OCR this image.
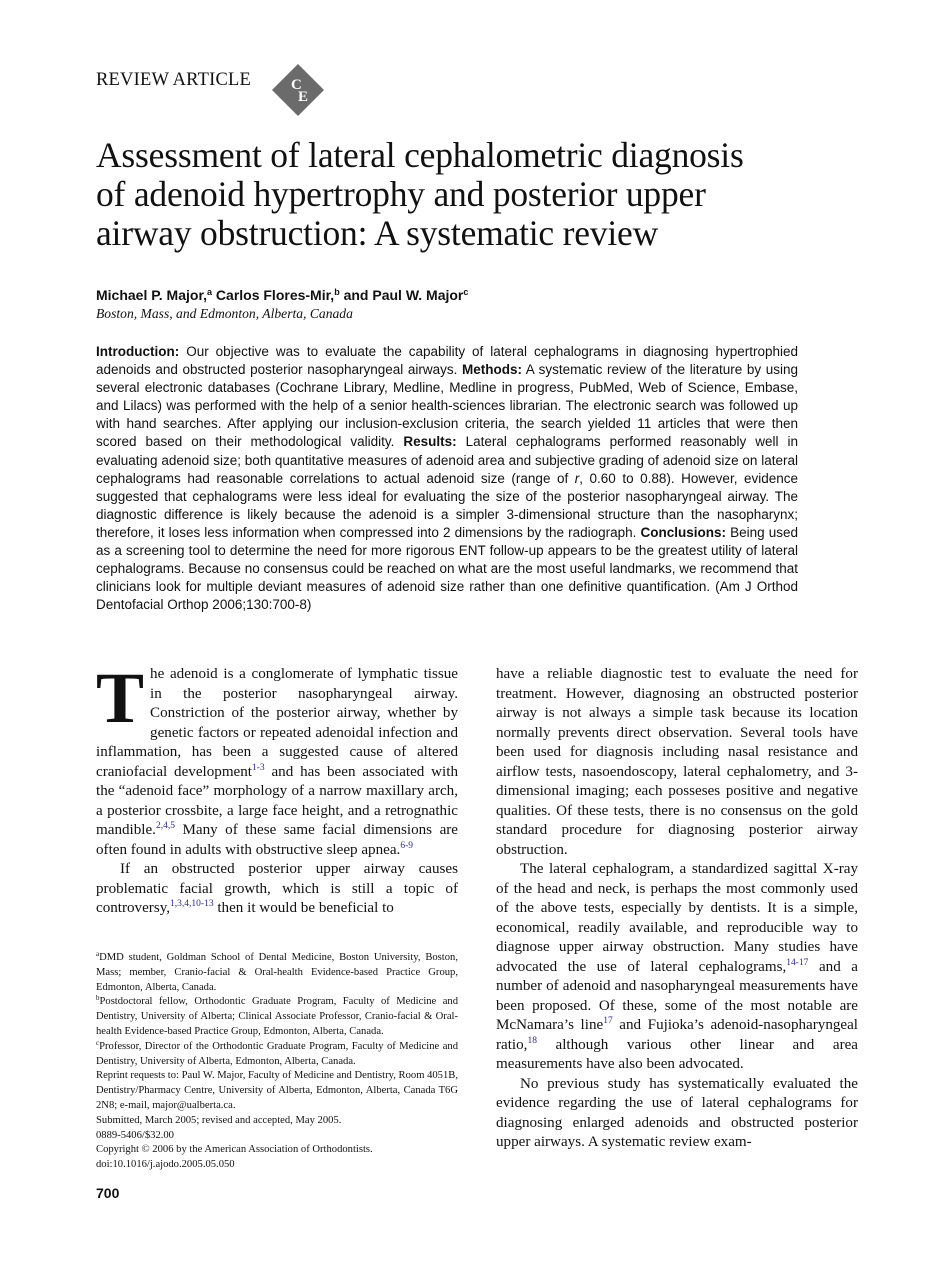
REVIEW ARTICLE	C
E
Assessment of lateral cephalometric diagnosis
of adenoid hypertrophy and posterior upper
airway obstruction: A systematic review
Michael P. Major,$^a$ Carlos Flores-Mir,$^b$ and Paul W. Major$^c$
Boston, Mass, and Edmonton, Alberta, Canada

Introduction: Our objective was to evaluate the capability of lateral cephalograms in diagnosing hypertrophied adenoids and obstructed posterior nasopharyngeal airways. Methods: A systematic review of the literature by using several electronic databases (Cochrane Library, Medline, Medline in progress, PubMed, Web of Science, Embase, and Lilacs) was performed with the help of a senior health-sciences librarian. The electronic search was followed up with hand searches. After applying our inclusion-exclusion criteria, the search yielded 11 articles that were then scored based on their methodological validity. Results: Lateral cephalograms performed reasonably well in evaluating adenoid size; both quantitative measures of adenoid area and subjective grading of adenoid size on lateral cephalograms had reasonable correlations to actual adenoid size (range of r, 0.60 to 0.88). However, evidence suggested that cephalograms were less ideal for evaluating the size of the posterior nasopharyngeal airway. The diagnostic difference is likely because the adenoid is a simpler 3-dimensional structure than the nasopharynx; therefore, it loses less information when compressed into 2 dimensions by the radiograph. Conclusions: Being used as a screening tool to determine the need for more rigorous ENT follow-up appears to be the greatest utility of lateral cephalograms. Because no consensus could be reached on what are the most useful landmarks, we recommend that clinicians look for multiple deviant measures of adenoid size rather than one definitive quantification. (Am J Orthod Dentofacial Orthop 2006;130:700-8)

The adenoid is a conglomerate of lymphatic tissue in the posterior nasopharyngeal airway. Constriction of the posterior airway, whether by genetic factors or repeated adenoidal infection and inflammation, has been a suggested cause of altered craniofacial development$^{1-3}$ and has been associated with the “adenoid face” morphology of a narrow maxillary arch, a posterior crossbite, a large face height, and a retrognathic mandible.$^{2,4,5}$ Many of these same facial dimensions are often found in adults with obstructive sleep apnea.$^{6-9}$

If an obstructed posterior upper airway causes problematic facial growth, which is still a topic of controversy,$^{1,3,4,10-13}$ then it would be beneficial to

$^a$DMD student, Goldman School of Dental Medicine, Boston University, Boston, Mass; member, Cranio-facial & Oral-health Evidence-based Practice Group, Edmonton, Alberta, Canada.

$^b$Postdoctoral fellow, Orthodontic Graduate Program, Faculty of Medicine and Dentistry, University of Alberta; Clinical Associate Professor, Cranio-facial & Oral-health Evidence-based Practice Group, Edmonton, Alberta, Canada.

$^c$Professor, Director of the Orthodontic Graduate Program, Faculty of Medicine and Dentistry, University of Alberta, Edmonton, Alberta, Canada.

Reprint requests to: Paul W. Major, Faculty of Medicine and Dentistry, Room 4051B, Dentistry/Pharmacy Centre, University of Alberta, Edmonton, Alberta, Canada T6G 2N8; e-mail, major@ualberta.ca.

Submitted, March 2005; revised and accepted, May 2005.

0889-5406/$32.00

Copyright © 2006 by the American Association of Orthodontists.

doi:10.1016/j.ajodo.2005.05.050

have a reliable diagnostic test to evaluate the need for treatment. However, diagnosing an obstructed posterior airway is not always a simple task because its location normally prevents direct observation. Several tools have been used for diagnosis including nasal resistance and airflow tests, nasoendoscopy, lateral cephalometry, and 3-dimensional imaging; each posseses positive and negative qualities. Of these tests, there is no consensus on the gold standard procedure for diagnosing posterior airway obstruction.

The lateral cephalogram, a standardized sagittal X-ray of the head and neck, is perhaps the most commonly used of the above tests, especially by dentists. It is a simple, economical, readily available, and reproducible way to diagnose upper airway obstruction. Many studies have advocated the use of lateral cephalograms,$^{14-17}$ and a number of adenoid and nasopharyngeal measurements have been proposed. Of these, some of the most notable are McNamara’s line$^{17}$ and Fujioka’s adenoid-nasopharyngeal ratio,$^{18}$ although various other linear and area measurements have also been advocated.

No previous study has systematically evaluated the evidence regarding the use of lateral cephalograms for diagnosing enlarged adenoids and obstructed posterior upper airways. A systematic review exam-

700
